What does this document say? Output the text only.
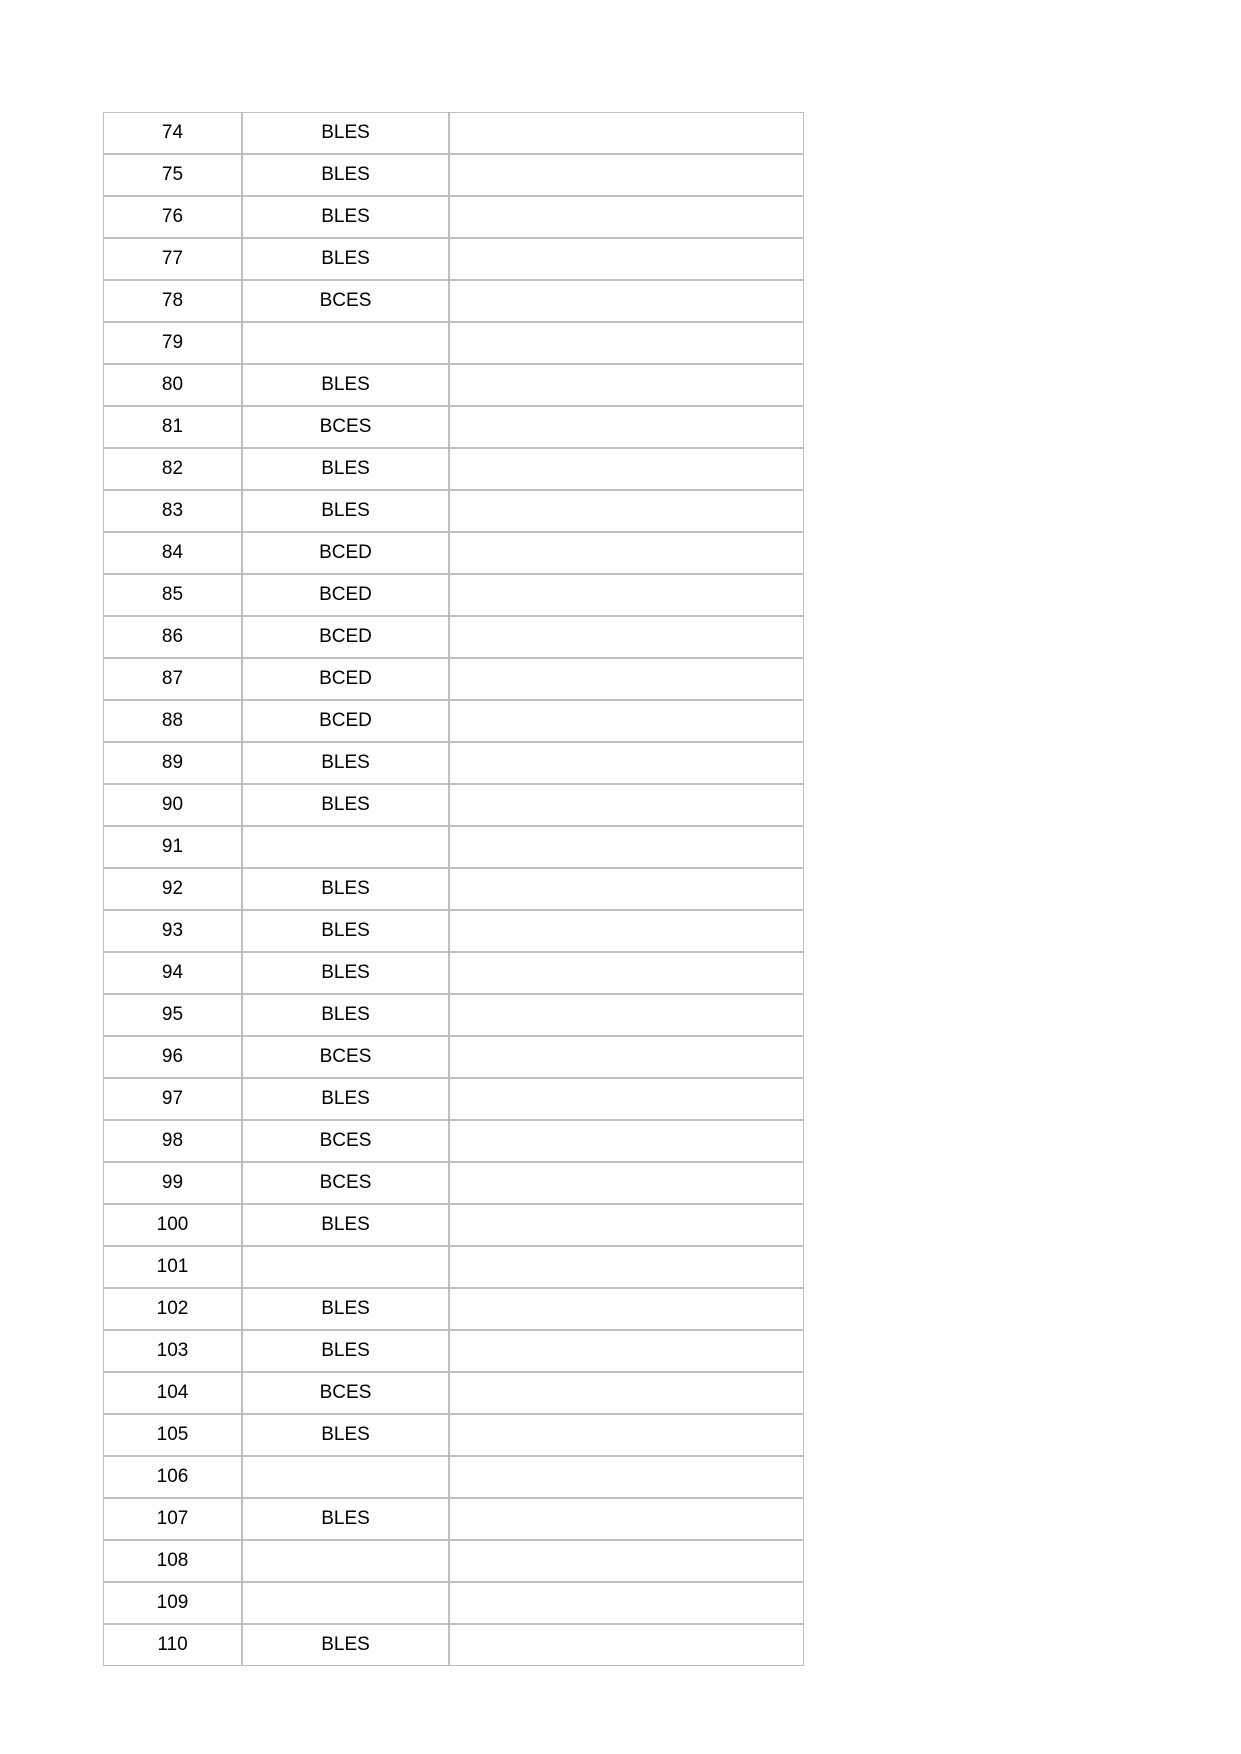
74	BLES	
75	BLES	
76	BLES	
77	BLES	
78	BCES	
79		
80	BLES	
81	BCES	
82	BLES	
83	BLES	
84	BCED	
85	BCED	
86	BCED	
87	BCED	
88	BCED	
89	BLES	
90	BLES	
91		
92	BLES	
93	BLES	
94	BLES	
95	BLES	
96	BCES	
97	BLES	
98	BCES	
99	BCES	
100	BLES	
101		
102	BLES	
103	BLES	
104	BCES	
105	BLES	
106		
107	BLES	
108		
109		
110	BLES	
